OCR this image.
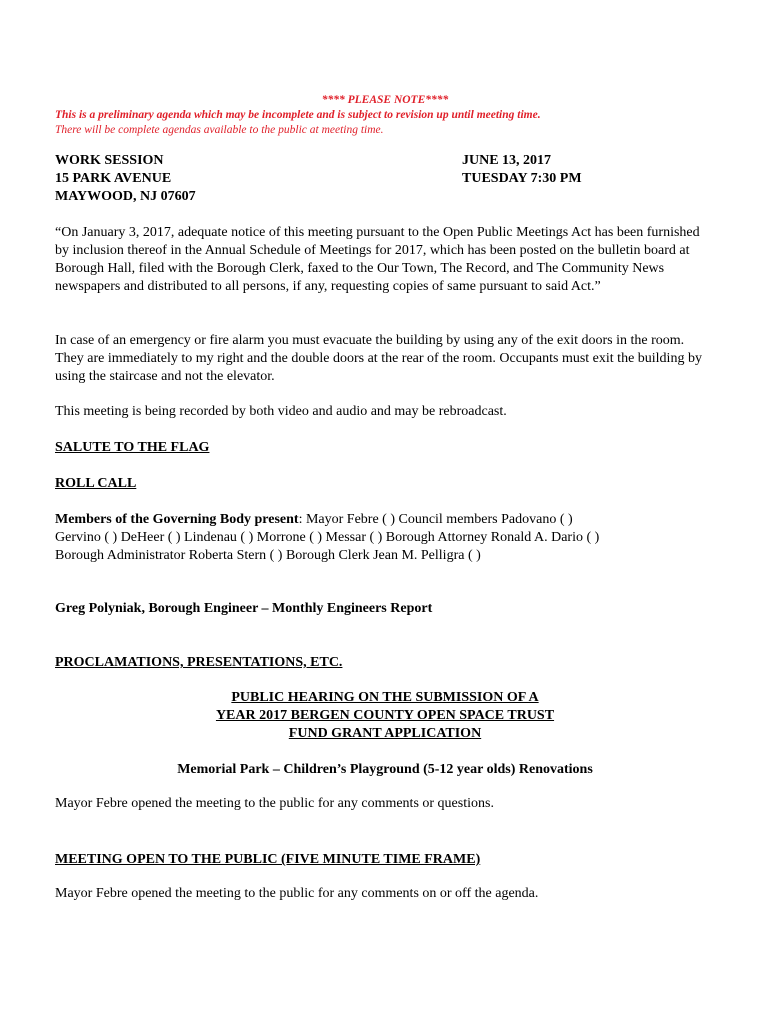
**** PLEASE NOTE****
This is a preliminary agenda which may be incomplete and is subject to revision up until meeting time.
There will be complete agendas available to the public at meeting time.
WORK SESSION
15 PARK AVENUE
MAYWOOD, NJ 07607
JUNE 13, 2017
TUESDAY 7:30 PM
“On January 3, 2017, adequate notice of this meeting pursuant to the Open Public Meetings Act has been furnished by inclusion thereof in the Annual Schedule of Meetings for 2017, which has been posted on the bulletin board at Borough Hall, filed with the Borough Clerk, faxed to the Our Town, The Record, and The Community News newspapers and distributed to all persons, if any, requesting copies of same pursuant to said Act.”
In case of an emergency or fire alarm you must evacuate the building by using any of the exit doors in the room. They are immediately to my right and the double doors at the rear of the room. Occupants must exit the building by using the staircase and not the elevator.
This meeting is being recorded by both video and audio and may be rebroadcast.
SALUTE TO THE FLAG
ROLL CALL
Members of the Governing Body present: Mayor Febre ( ) Council members Padovano ( )
Gervino ( ) DeHeer ( ) Lindenau ( ) Morrone ( ) Messar ( ) Borough Attorney Ronald A. Dario ( )
Borough Administrator Roberta Stern ( ) Borough Clerk Jean M. Pelligra ( )
Greg Polyniak, Borough Engineer – Monthly Engineers Report
PROCLAMATIONS, PRESENTATIONS, ETC.
PUBLIC HEARING ON THE SUBMISSION OF A
YEAR 2017 BERGEN COUNTY OPEN SPACE TRUST
FUND GRANT APPLICATION
Memorial Park – Children’s Playground (5-12 year olds) Renovations
Mayor Febre opened the meeting to the public for any comments or questions.
MEETING OPEN TO THE PUBLIC (FIVE MINUTE TIME FRAME)
Mayor Febre opened the meeting to the public for any comments on or off the agenda.
